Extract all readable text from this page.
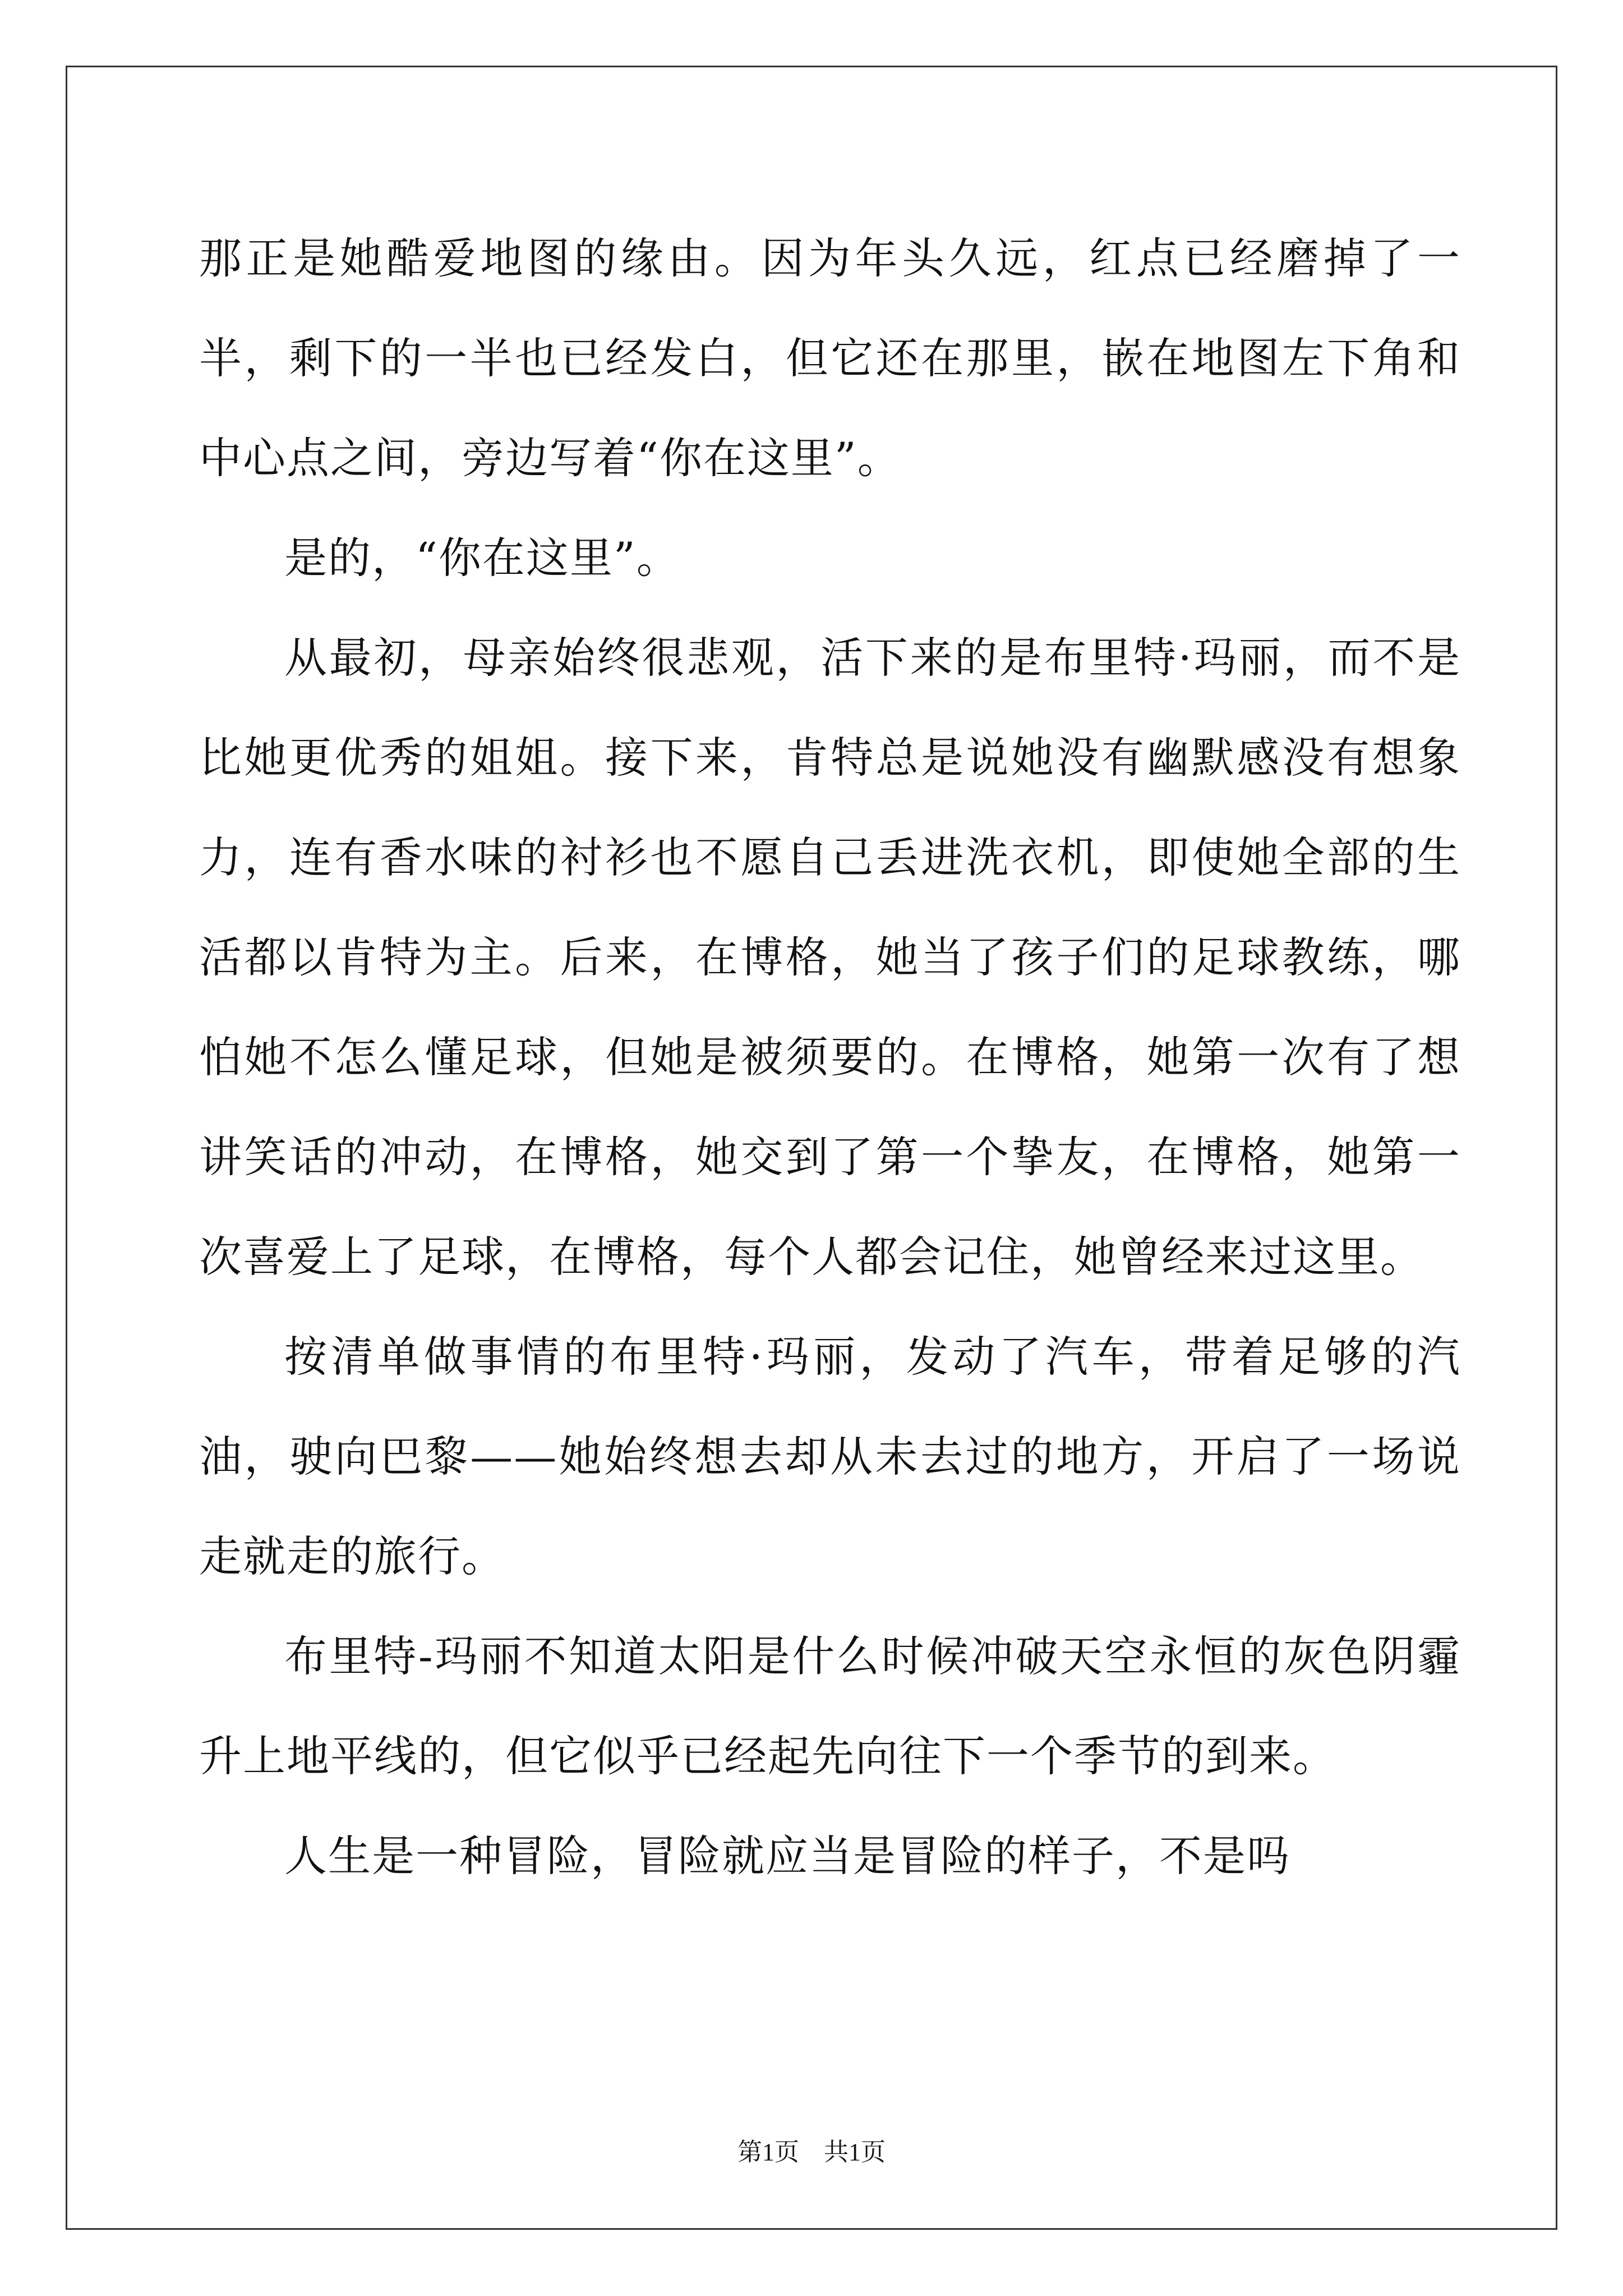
那正是她酷爱地图的缘由。因为年头久远，红点已经磨掉了一半，剩下的一半也已经发白，但它还在那里，嵌在地图左下角和中心点之间，旁边写着“你在这里”。

是的，“你在这里”。

从最初，母亲始终很悲观，活下来的是布里特·玛丽，而不是比她更优秀的姐姐。接下来，肯特总是说她没有幽默感没有想象力，连有香水味的衬衫也不愿自己丢进洗衣机，即使她全部的生活都以肯特为主。后来，在博格，她当了孩子们的足球教练，哪怕她不怎么懂足球，但她是被须要的。在博格，她第一次有了想讲笑话的冲动，在博格，她交到了第一个挚友，在博格，她第一次喜爱上了足球，在博格，每个人都会记住，她曾经来过这里。

按清单做事情的布里特·玛丽，发动了汽车，带着足够的汽油，驶向巴黎——她始终想去却从未去过的地方，开启了一场说走就走的旅行。

布里特-玛丽不知道太阳是什么时候冲破天空永恒的灰色阴霾升上地平线的，但它似乎已经起先向往下一个季节的到来。

人生是一种冒险，冒险就应当是冒险的样子，不是吗

第1页　共1页
